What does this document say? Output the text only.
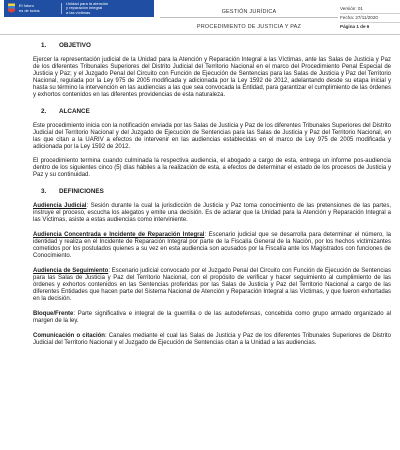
El futuro
es de todos
Unidad para la atención
y reparación integral
a las víctimas	GESTIÓN JURÍDICA
PROCEDIMIENTO DE JUSTICIA Y PAZ
Versión: 01
Fecha: 27/11/2020
Página 1 de 6
1. OBJETIVO

Ejercer la representación judicial de la Unidad para la Atención y Reparación Integral a las Víctimas, ante las Salas de Justicia y Paz de los diferentes Tribunales Superiores del Distrito Judicial del Territorio Nacional en el marco del Procedimiento Penal Especial de Justicia y Paz; y el Juzgado Penal del Circuito con Función de Ejecución de Sentencias para las Salas de Justicia y Paz del Territorio Nacional, regulada por la Ley 975 de 2005 modificada y adicionada por la Ley 1592 de 2012, adelantando desde su etapa inicial y hasta su término la intervención en las audiencias a las que sea convocada la Entidad, para garantizar el cumplimiento de las órdenes y exhortos contenidos en las diferentes providencias de esta naturaleza.

2. ALCANCE

Este procedimiento inicia con la notificación enviada por las Salas de Justicia y Paz de los diferentes Tribunales Superiores del Distrito Judicial del Territorio Nacional y del Juzgado de Ejecución de Sentencias para las Salas de Justicia y Paz del Territorio Nacional, en las que citan a la UARIV a efectos de intervenir en las audiencias establecidas en el marco de Ley 975 de 2005 modificada y adicionada por la Ley 1592 de 2012.

El procedimiento termina cuando culminada la respectiva audiencia, el abogado a cargo de esta, entrega un informe pos-audiencia dentro de los siguientes cinco (5) días hábiles a la realización de esta, a efectos de determinar el estado de los procesos de Justicia y Paz y su continuidad.

3. DEFINICIONES

Audiencia Judicial: Sesión durante la cual la jurisdicción de Justicia y Paz toma conocimiento de las pretensiones de las partes, instruye el proceso, escucha los alegatos y emite una decisión. Es de aclarar que la Unidad para la Atención y Reparación Integral a las Víctimas, asiste a estas audiencias como interviniente.

Audiencia Concentrada e Incidente de Reparación Integral: Escenario judicial que se desarrolla para determinar el número, la identidad y realiza en el Incidente de Reparación Integral por parte de la Fiscalía General de la Nación, por los hechos victimizantes cometidos por los postulados quienes a su vez en esta audiencia son acusados por la Fiscalía ante los Magistrados con funciones de Conocimiento.

Audiencia de Seguimiento: Escenario judicial convocado por el Juzgado Penal del Circuito con Función de Ejecución de Sentencias para las Salas de Justicia y Paz del Territorio Nacional, con el propósito de verificar y hacer seguimiento al cumplimiento de las órdenes y exhortos contenidos en las Sentencias proferidas por las Salas de Justicia y Paz del Territorio Nacional a cargo de las diferentes Entidades que hacen parte del Sistema Nacional de Atención y Reparación Integral a las Víctimas, y que fueron exhortadas en la decisión.

Bloque/Frente: Parte significativa e integral de la guerrilla o de las autodefensas, concebida como grupo armado organizado al margen de la ley.

Comunicación o citación: Canales mediante el cual las Salas de Justicia y Paz de los diferentes Tribunales Superiores de Distrito Judicial del Territorio Nacional y el Juzgado de Ejecución de Sentencias citan a la Unidad a las audiencias.
